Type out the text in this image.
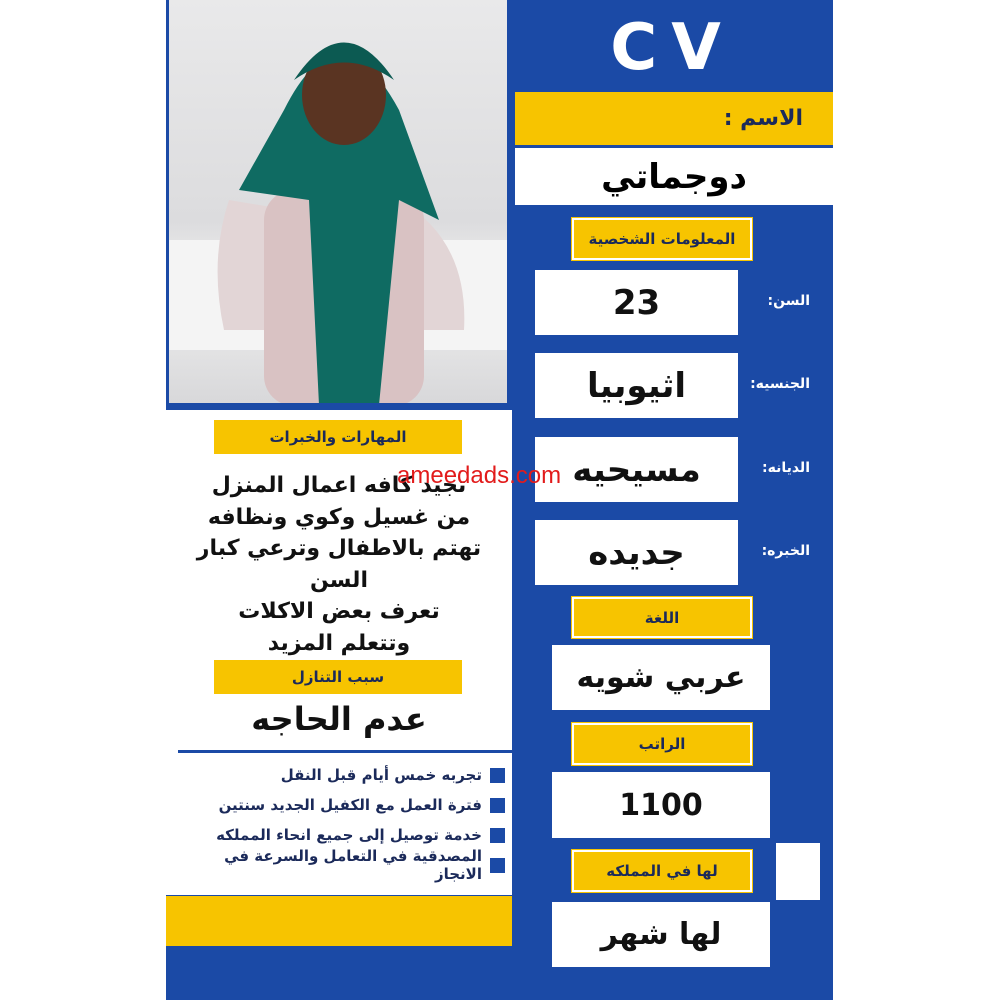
CV
الاسم :
دوجماتي
المعلومات الشخصية
23	السن:
اثيوبيا	الجنسيه:
مسيحيه	الديانه:
جديده	الخبره:
اللغة
عربي شويه
الراتب
1100
لها في المملكه
لها شهر
المهارات والخبرات
تجيد كافه اعمال المنزل
من غسيل وكوي ونظافه
تهتم بالاطفال وترعي كبار السن
تعرف بعض الاكلات
وتتعلم المزيد
سبب التنازل
عدم الحاجه
تجربه خمس أيام قبل النقل
فترة العمل مع الكفيل الجديد سنتين
خدمة توصيل إلى جميع انحاء المملكه
المصدقية في التعامل والسرعة في الانجاز
ameedads.com
